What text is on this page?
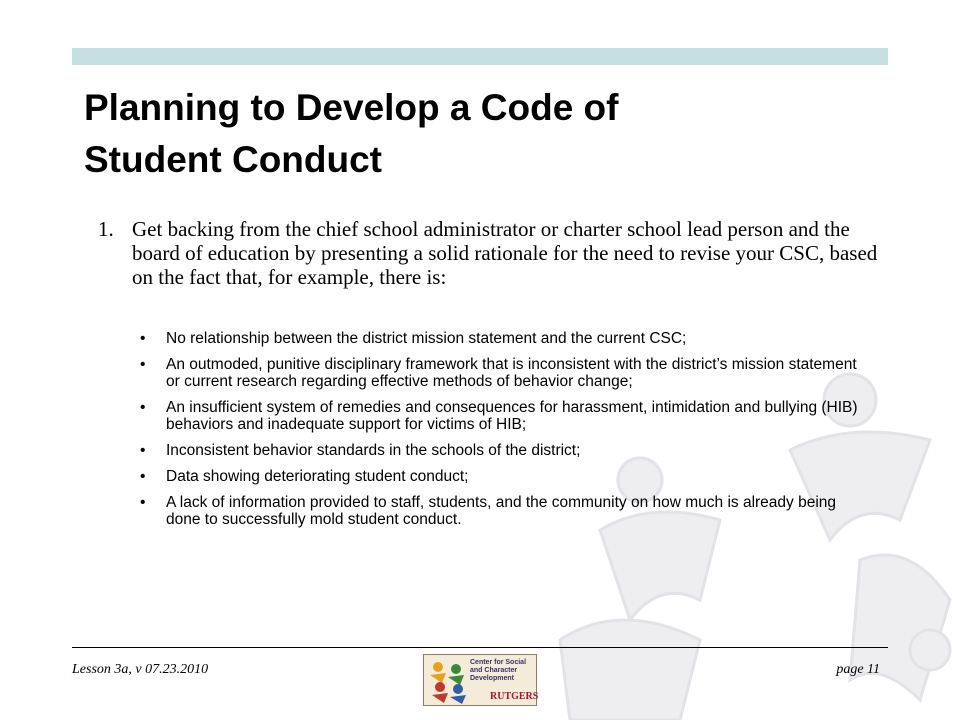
Planning to Develop a Code of
Student Conduct
1. Get backing from the chief school administrator or charter school lead person and the board of education by presenting a solid rationale for the need to revise your CSC, based on the fact that, for example, there is:
• No relationship between the district mission statement and the current CSC;
• An outmoded, punitive disciplinary framework that is inconsistent with the district’s mission statement or current research regarding effective methods of behavior change;
• An insufficient system of remedies and consequences for harassment, intimidation and bullying (HIB) behaviors and inadequate support for victims of HIB;
• Inconsistent behavior standards in the schools of the district;
• Data showing deteriorating student conduct;
• A lack of information provided to staff, students, and the community on how much is already being done to successfully mold student conduct.
Lesson 3a, v 07.23.2010	Center for Social and Character Development
RUTGERS
page 11
